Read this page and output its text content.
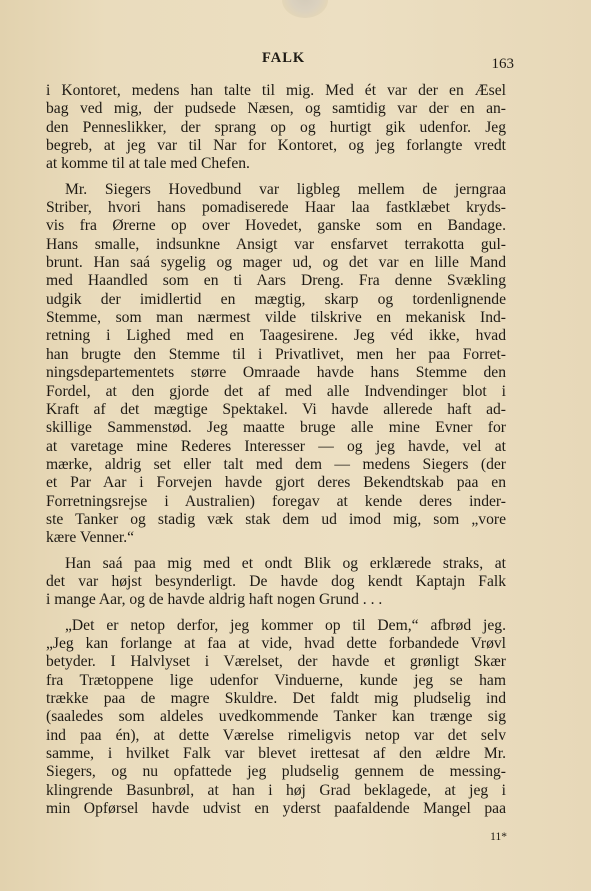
FALK	163
i Kontoret, medens han talte til mig. Med ét var der en Æsel
bag ved mig, der pudsede Næsen, og samtidig var der en an-
den Penneslikker, der sprang op og hurtigt gik udenfor. Jeg
begreb, at jeg var til Nar for Kontoret, og jeg forlangte vredt
at komme til at tale med Chefen.
Mr. Siegers Hovedbund var ligbleg mellem de jerngraa
Striber, hvori hans pomadiserede Haar laa fastklæbet kryds-
vis fra Ørerne op over Hovedet, ganske som en Bandage.
Hans smalle, indsunkne Ansigt var ensfarvet terrakotta gul-
brunt. Han saá sygelig og mager ud, og det var en lille Mand
med Haandled som en ti Aars Dreng. Fra denne Svækling
udgik der imidlertid en mægtig, skarp og tordenlignende
Stemme, som man nærmest vilde tilskrive en mekanisk Ind-
retning i Lighed med en Taagesirene. Jeg véd ikke, hvad
han brugte den Stemme til i Privatlivet, men her paa Forret-
ningsdepartementets større Omraade havde hans Stemme den
Fordel, at den gjorde det af med alle Indvendinger blot i
Kraft af det mægtige Spektakel. Vi havde allerede haft ad-
skillige Sammenstød. Jeg maatte bruge alle mine Evner for
at varetage mine Rederes Interesser — og jeg havde, vel at
mærke, aldrig set eller talt med dem — medens Siegers (der
et Par Aar i Forvejen havde gjort deres Bekendtskab paa en
Forretningsrejse i Australien) foregav at kende deres inder-
ste Tanker og stadig væk stak dem ud imod mig, som „vore
kære Venner.“
Han saá paa mig med et ondt Blik og erklærede straks, at
det var højst besynderligt. De havde dog kendt Kaptajn Falk
i mange Aar, og de havde aldrig haft nogen Grund . . .
„Det er netop derfor, jeg kommer op til Dem,“ afbrød jeg.
„Jeg kan forlange at faa at vide, hvad dette forbandede Vrøvl
betyder. I Halvlyset i Værelset, der havde et grønligt Skær
fra Trætoppene lige udenfor Vinduerne, kunde jeg se ham
trække paa de magre Skuldre. Det faldt mig pludselig ind
(saaledes som aldeles uvedkommende Tanker kan trænge sig
ind paa én), at dette Værelse rimeligvis netop var det selv
samme, i hvilket Falk var blevet irettesat af den ældre Mr.
Siegers, og nu opfattede jeg pludselig gennem de messing-
klingrende Basunbrøl, at han i høj Grad beklagede, at jeg i
min Opførsel havde udvist en yderst paafaldende Mangel paa
11*
